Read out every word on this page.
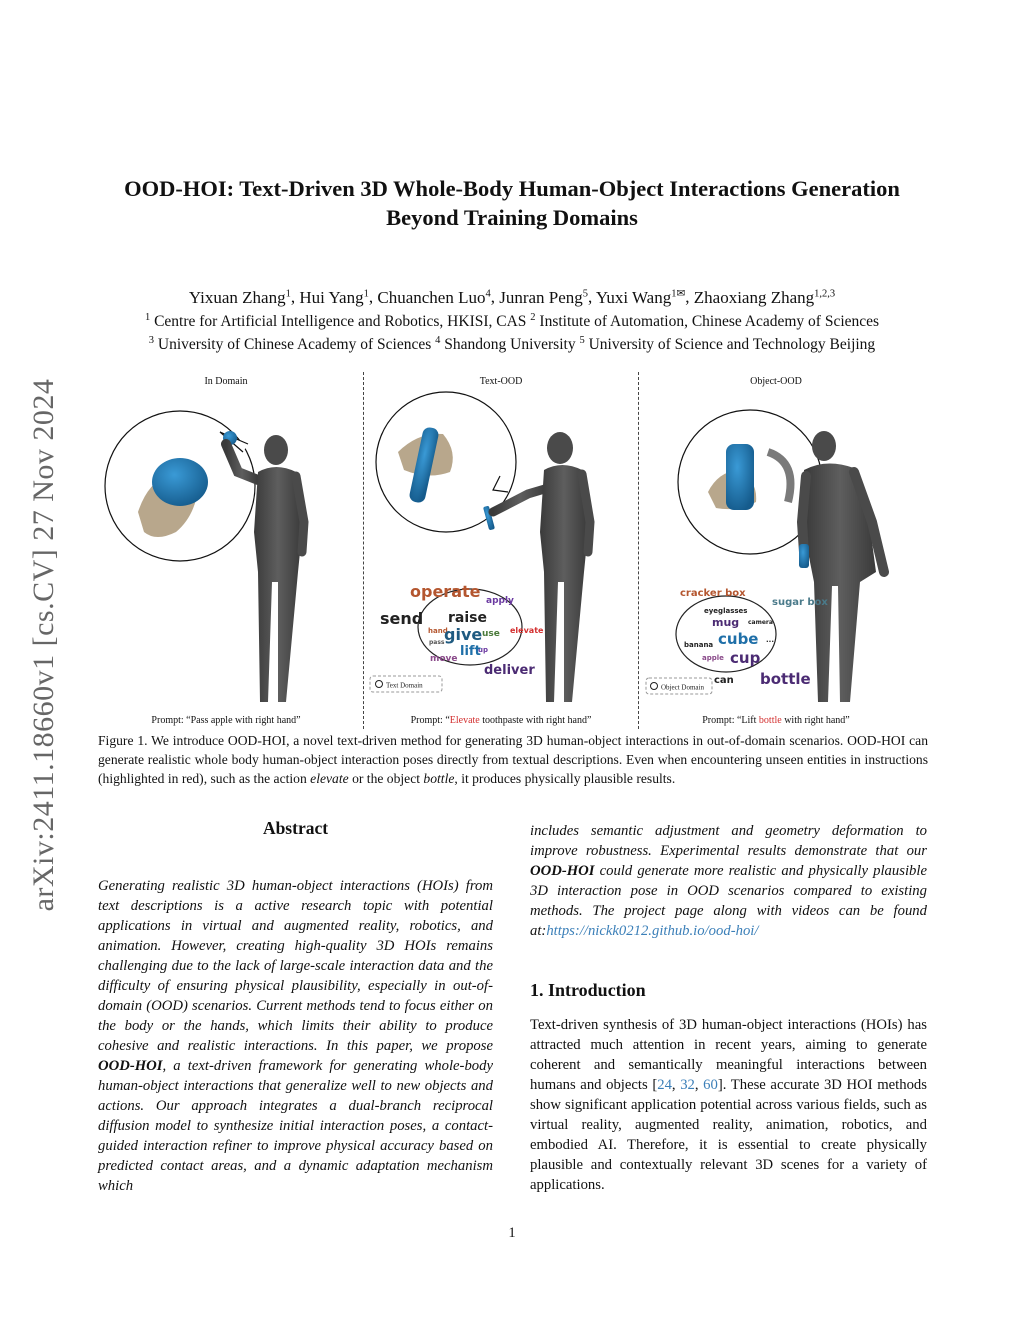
arXiv:2411.18660v1 [cs.CV] 27 Nov 2024
OOD-HOI: Text-Driven 3D Whole-Body Human-Object Interactions Generation
Beyond Training Domains
Yixuan Zhang$^1$, Hui Yang$^1$, Chuanchen Luo$^4$, Junran Peng$^5$, Yuxi Wang$^{1✉}$, Zhaoxiang Zhang$^{1,2,3}$
$^1$ Centre for Artificial Intelligence and Robotics, HKISI, CAS $^2$ Institute of Automation, Chinese Academy of Sciences
$^3$ University of Chinese Academy of Sciences $^4$ Shandong University $^5$ University of Science and Technology Beijing
In Domain	Text-OOD	Object-OOD
operate apply
send
elevate
deliver
hand
pass
move
use
up
raise
give
lift
Text Domain
cracker box
sugar box
can bottle
eyeglasses
mug camera
cube
banana
apple cup
...
Object Domain
Prompt: “Pass apple with right hand”	Prompt: “Elevate toothpaste with right hand”	Prompt: “Lift bottle with right hand”
Figure 1. We introduce OOD-HOI, a novel text-driven method for generating 3D human-object interactions in out-of-domain scenarios. OOD-HOI can generate realistic whole body human-object interaction poses directly from textual descriptions. Even when encountering unseen entities in instructions (highlighted in red), such as the action elevate or the object bottle, it produces physically plausible results.
Abstract
Generating realistic 3D human-object interactions (HOIs) from text descriptions is a active research topic with potential applications in virtual and augmented reality, robotics, and animation. However, creating high-quality 3D HOIs remains challenging due to the lack of large-scale interaction data and the difficulty of ensuring physical plausibility, especially in out-of-domain (OOD) scenarios. Current methods tend to focus either on the body or the hands, which limits their ability to produce cohesive and realistic interactions. In this paper, we propose OOD-HOI, a text-driven framework for generating whole-body human-object interactions that generalize well to new objects and actions. Our approach integrates a dual-branch reciprocal diffusion model to synthesize initial interaction poses, a contact-guided interaction refiner to improve physical accuracy based on predicted contact areas, and a dynamic adaptation mechanism which
includes semantic adjustment and geometry deformation to improve robustness. Experimental results demonstrate that our OOD-HOI could generate more realistic and physically plausible 3D interaction pose in OOD scenarios compared to existing methods. The project page along with videos can be found at:https://nickk0212.github.io/ood-hoi/
1. Introduction
Text-driven synthesis of 3D human-object interactions (HOIs) has attracted much attention in recent years, aiming to generate coherent and semantically meaningful interactions between humans and objects [24, 32, 60]. These accurate 3D HOI methods show significant application potential across various fields, such as virtual reality, augmented reality, animation, robotics, and embodied AI. Therefore, it is essential to create physically plausible and contextually relevant 3D scenes for a variety of applications.
1
